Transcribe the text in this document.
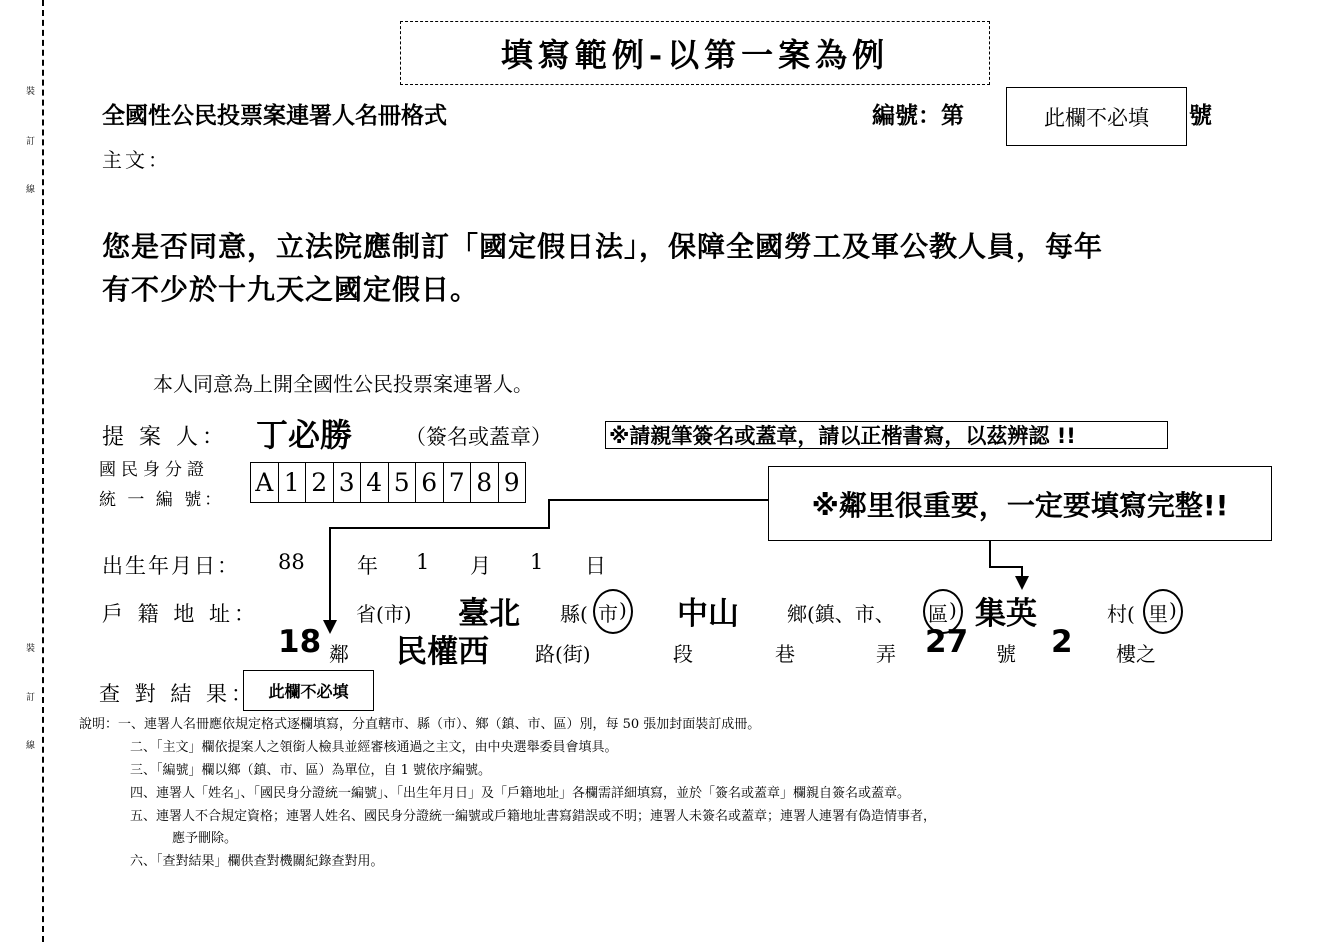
裝
訂
線
裝
訂
線
填寫範例-以第一案為例
全國性公民投票案連署人名冊格式	編號：第	此欄不必填	號
主文：
您是否同意，立法院應制訂「國定假日法」，保障全國勞工及軍公教人員，每年
有不少於十九天之國定假日。
本人同意為上開全國性公民投票案連署人。
提 案 人： 丁必勝	（簽名或蓋章）	※請親筆簽名或蓋章，請以正楷書寫，以茲辨認 !!
國民身分證
統 一 編 號：
A 1 2 3 4 5 6 7 8 9
※鄰里很重要，一定要填寫完整!!
出生年月日： 88 年 1 月 1 日
戶 籍 地 址：	省(市) 臺北 縣( 市 ) 中山 鄉(鎮、市、 區 ) 集英	村( 里 )
18 鄰 民權西 路(街)	段	巷	弄 27 號 2 樓之
查 對 結 果： 此欄不必填
說明： 一、連署人名冊應依規定格式逐欄填寫，分直轄市、縣（市）、鄉（鎮、市、區）別，每 50 張加封面裝訂成冊。
二、「主文」欄依提案人之領銜人檢具並經審核通過之主文，由中央選舉委員會填具。
三、「編號」欄以鄉（鎮、市、區）為單位，自 1 號依序編號。
四、連署人「姓名」、「國民身分證統一編號」、「出生年月日」及「戶籍地址」各欄需詳細填寫，並於「簽名或蓋章」欄親自簽名或蓋章。
五、連署人不合規定資格；連署人姓名、國民身分證統一編號或戶籍地址書寫錯誤或不明；連署人未簽名或蓋章；連署人連署有偽造情事者，
應予刪除。
六、「查對結果」欄供查對機關紀錄查對用。
